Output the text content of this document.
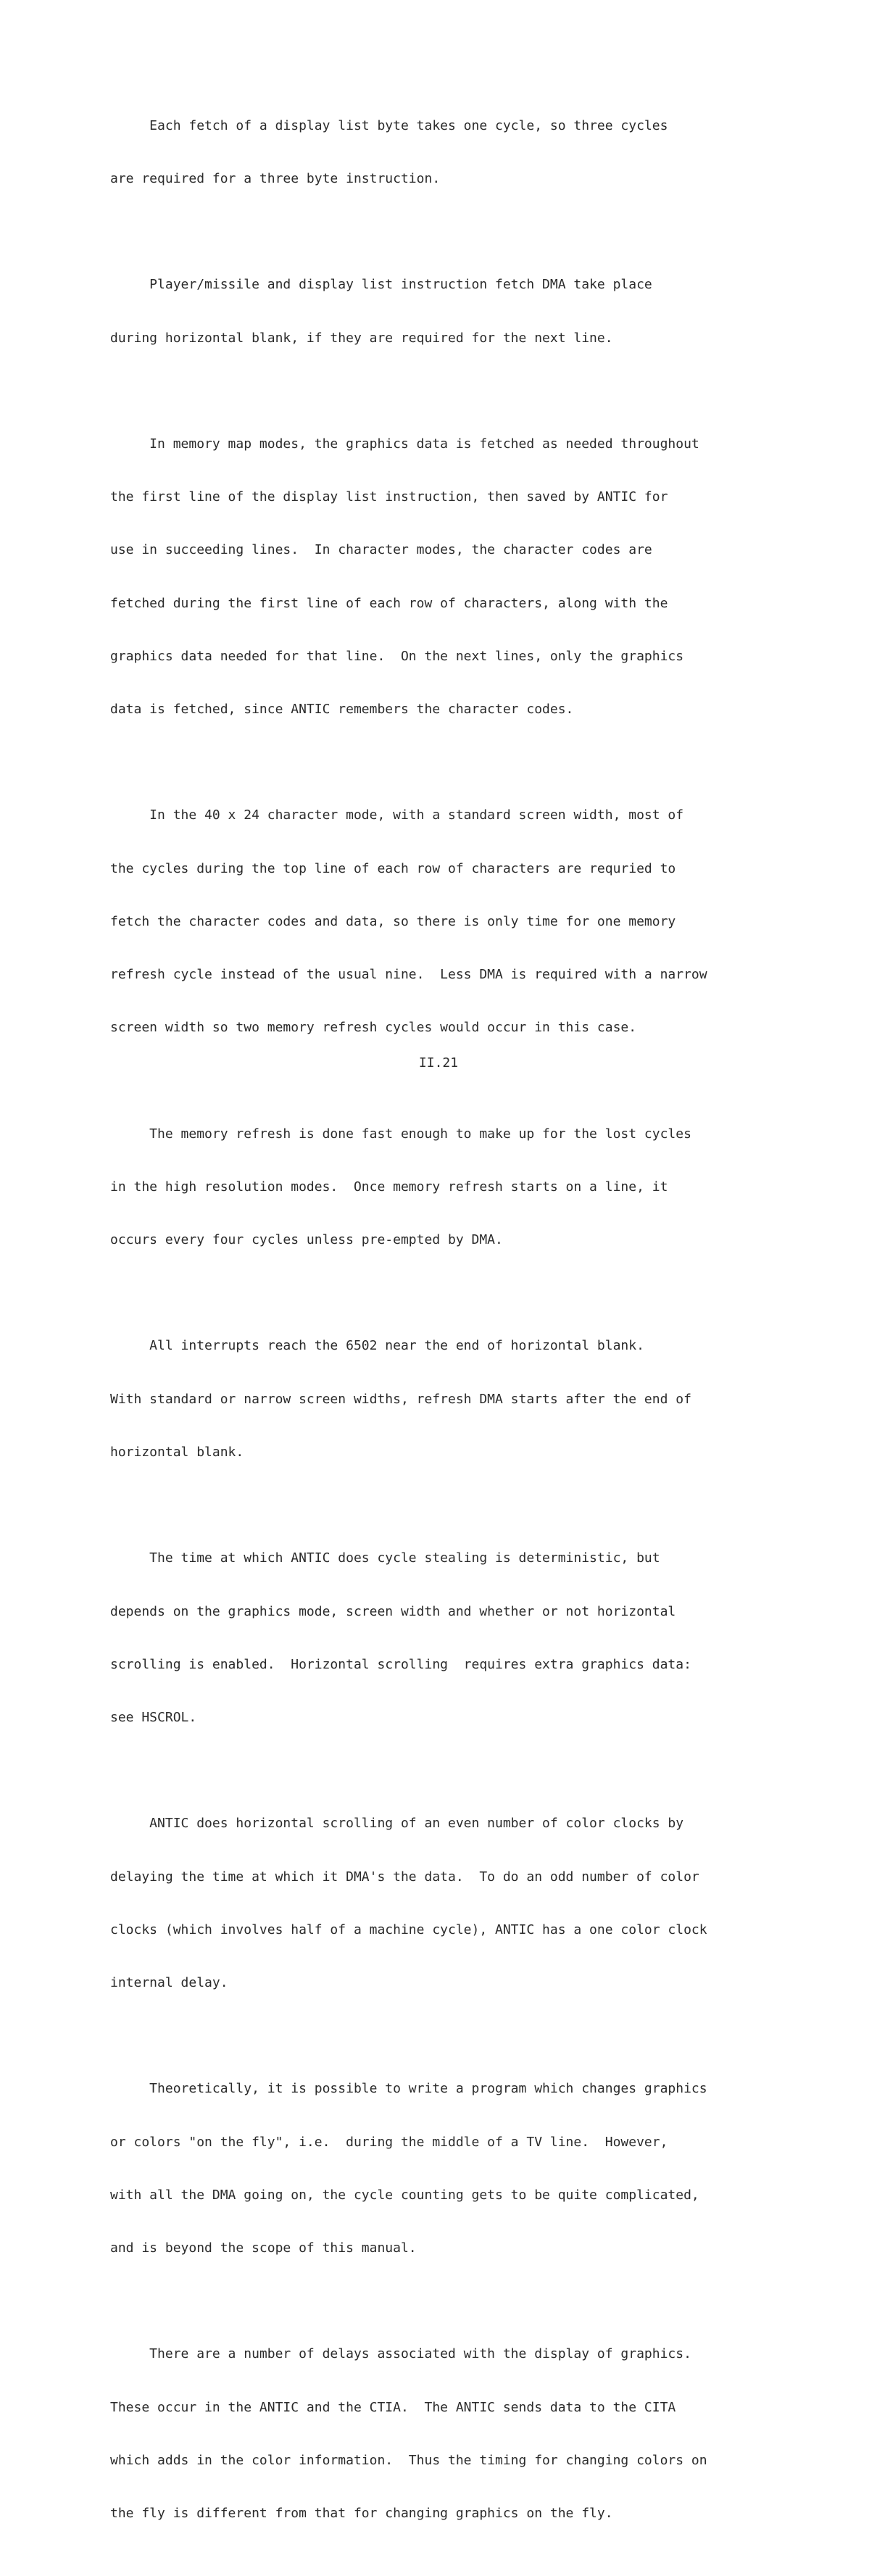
Each fetch of a display list byte takes one cycle, so three cycles

are required for a three byte instruction.

Player/missile and display list instruction fetch DMA take place

during horizontal blank, if they are required for the next line.

In memory map modes, the graphics data is fetched as needed throughout

the first line of the display list instruction, then saved by ANTIC for

use in succeeding lines.  In character modes, the character codes are

fetched during the first line of each row of characters, along with the

graphics data needed for that line.  On the next lines, only the graphics

data is fetched, since ANTIC remembers the character codes.

In the 40 x 24 character mode, with a standard screen width, most of

the cycles during the top line of each row of characters are requried to

fetch the character codes and data, so there is only time for one memory

refresh cycle instead of the usual nine.  Less DMA is required with a narrow

screen width so two memory refresh cycles would occur in this case.

The memory refresh is done fast enough to make up for the lost cycles

in the high resolution modes.  Once memory refresh starts on a line, it

occurs every four cycles unless pre-empted by DMA.

All interrupts reach the 6502 near the end of horizontal blank.

With standard or narrow screen widths, refresh DMA starts after the end of

horizontal blank.

The time at which ANTIC does cycle stealing is deterministic, but

depends on the graphics mode, screen width and whether or not horizontal

scrolling is enabled.  Horizontal scrolling  requires extra graphics data:

see HSCROL.

ANTIC does horizontal scrolling of an even number of color clocks by

delaying the time at which it DMA's the data.  To do an odd number of color

clocks (which involves half of a machine cycle), ANTIC has a one color clock

internal delay.

Theoretically, it is possible to write a program which changes graphics

or colors "on the fly", i.e.  during the middle of a TV line.  However,

with all the DMA going on, the cycle counting gets to be quite complicated,

and is beyond the scope of this manual.

There are a number of delays associated with the display of graphics.

These occur in the ANTIC and the CTIA.  The ANTIC sends data to the CITA

which adds in the color information.  Thus the timing for changing colors on

the fly is different from that for changing graphics on the fly.

II.21
